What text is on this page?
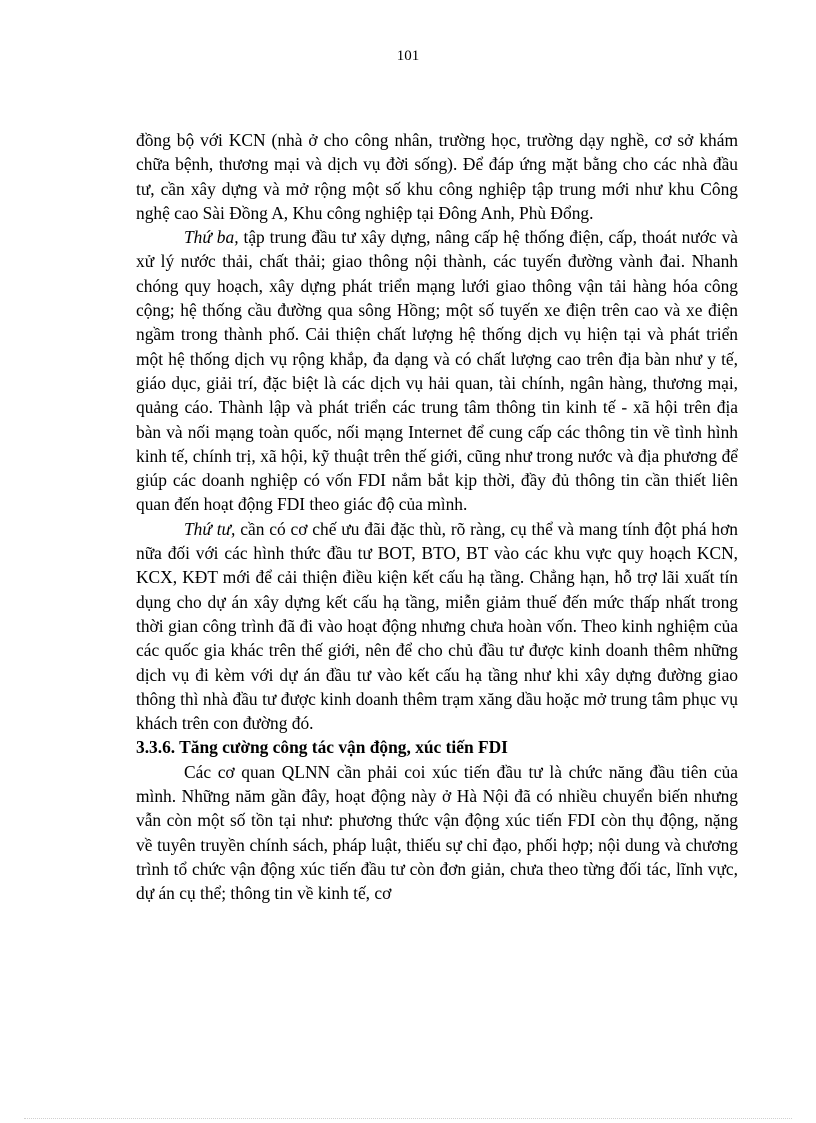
101

đồng bộ với KCN (nhà ở cho công nhân, trường học, trường dạy nghề, cơ sở khám chữa bệnh, thương mại và dịch vụ đời sống). Để đáp ứng mặt bằng cho các nhà đầu tư, cần xây dựng và mở rộng một số khu công nghiệp tập trung mới như khu Công nghệ cao Sài Đồng A, Khu công nghiệp tại Đông Anh, Phù Đổng.

Thứ ba, tập trung đầu tư xây dựng, nâng cấp hệ thống điện, cấp, thoát nước và xử lý nước thải, chất thải; giao thông nội thành, các tuyến đường vành đai. Nhanh chóng quy hoạch, xây dựng phát triển mạng lưới giao thông vận tải hàng hóa công cộng; hệ thống cầu đường qua sông Hồng; một số tuyến xe điện trên cao và xe điện ngầm trong thành phố. Cải thiện chất lượng hệ thống dịch vụ hiện tại và phát triển một hệ thống dịch vụ rộng khắp, đa dạng và có chất lượng cao trên địa bàn như y tế, giáo dục, giải trí, đặc biệt là các dịch vụ hải quan, tài chính, ngân hàng, thương mại, quảng cáo. Thành lập và phát triển các trung tâm thông tin kinh tế - xã hội trên địa bàn và nối mạng toàn quốc, nối mạng Internet để cung cấp các thông tin về tình hình kinh tế, chính trị, xã hội, kỹ thuật trên thế giới, cũng như trong nước và địa phương để giúp các doanh nghiệp có vốn FDI nắm bắt kịp thời, đầy đủ thông tin cần thiết liên quan đến hoạt động FDI theo giác độ của mình.

Thứ tư, cần có cơ chế ưu đãi đặc thù, rõ ràng, cụ thể và mang tính đột phá hơn nữa đối với các hình thức đầu tư BOT, BTO, BT vào các khu vực quy hoạch KCN, KCX, KĐT mới để cải thiện điều kiện kết cấu hạ tầng. Chẳng hạn, hỗ trợ lãi xuất tín dụng cho dự án xây dựng kết cấu hạ tầng, miễn giảm thuế đến mức thấp nhất trong thời gian công trình đã đi vào hoạt động nhưng chưa hoàn vốn. Theo kinh nghiệm của các quốc gia khác trên thế giới, nên để cho chủ đầu tư được kinh doanh thêm những dịch vụ đi kèm với dự án đầu tư vào kết cấu hạ tầng như khi xây dựng đường giao thông thì nhà đầu tư được kinh doanh thêm trạm xăng dầu hoặc mở trung tâm phục vụ khách trên con đường đó.

3.3.6. Tăng cường công tác vận động, xúc tiến FDI

Các cơ quan QLNN cần phải coi xúc tiến đầu tư là chức năng đầu tiên của mình. Những năm gần đây, hoạt động này ở Hà Nội đã có nhiều chuyển biến nhưng vẫn còn một số tồn tại như: phương thức vận động xúc tiến FDI còn thụ động, nặng về tuyên truyền chính sách, pháp luật, thiếu sự chỉ đạo, phối hợp; nội dung và chương trình tổ chức vận động xúc tiến đầu tư còn đơn giản, chưa theo từng đối tác, lĩnh vực, dự án cụ thể; thông tin về kinh tế, cơ
